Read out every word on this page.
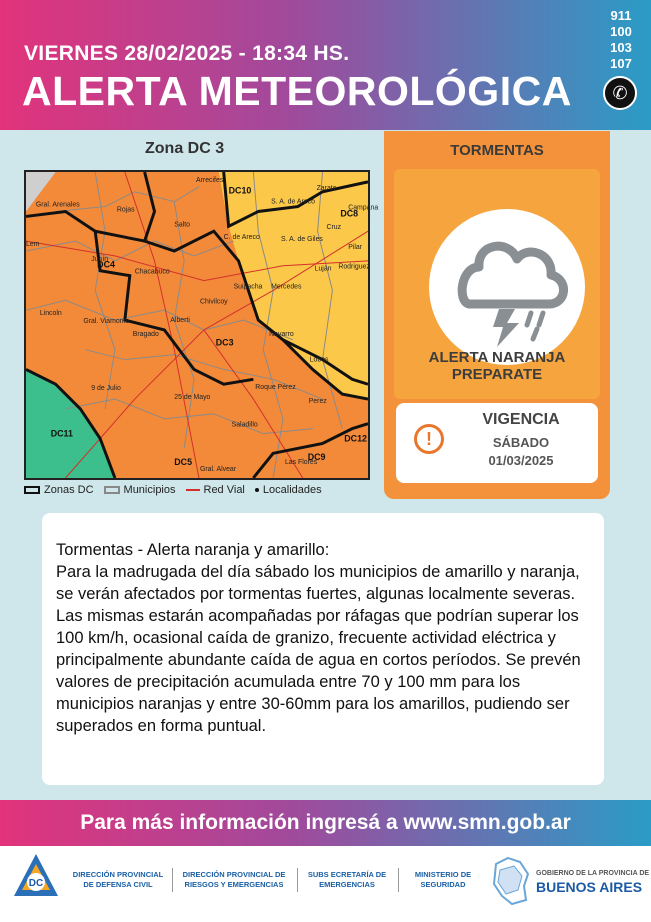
VIERNES 28/02/2025 - 18:34 HS.
ALERTA METEOROLÓGICA
911
100
103
107
✆
Zona DC 3
DC10
DC8
DC4
DC3
DC11
DC5	DC9
DC12
Arrecifes
Zarate
S. A. de Areco
Campana
Gral. Arenales
Rojas
Salto
C. de Areco
Cruz
S. A. de Giles
Pilar
Junín
Luján Rodriguez
Chacabuco
Suipacha Mercedes
Lincoln
Chivilcoy
Gral. Viamonte
Bragado
Alberti
Navarro
Lobos
9 de Julio
25 de Mayo
Roque Pérez
Perez
Saladillo
Gral. Alvear
Las Flores
Lem
Zonas DC	Municipios	Red Vial Localidades
TORMENTAS
ALERTA NARANJA
PREPARATE
!
VIGENCIA
SÁBADO
01/03/2025

Tormentas - Alerta naranja y amarillo:

Para la madrugada del día sábado los municipios de amarillo y naranja, se verán afectados por tormentas fuertes, algunas localmente severas. Las mismas estarán acompañadas por ráfagas que podrían superar los 100 km/h, ocasional caída de granizo, frecuente actividad eléctrica y principalmente abundante caída de agua en cortos períodos. Se prevén valores de precipitación acumulada entre 70 y 100 mm para los municipios naranjas y entre 30-60mm para los amarillos, pudiendo ser superados en forma puntual.

Para más información ingresá a www.smn.gob.ar
DC
DIRECCIÓN PROVINCIAL
DE DEFENSA CIVIL
DIRECCIÓN PROVINCIAL DE
RIESGOS Y EMERGENCIAS
SUBS ECRETARÍA DE
EMERGENCIAS
MINISTERIO DE
SEGURIDAD
GOBIERNO DE LA PROVINCIA DE
BUENOS AIRES
